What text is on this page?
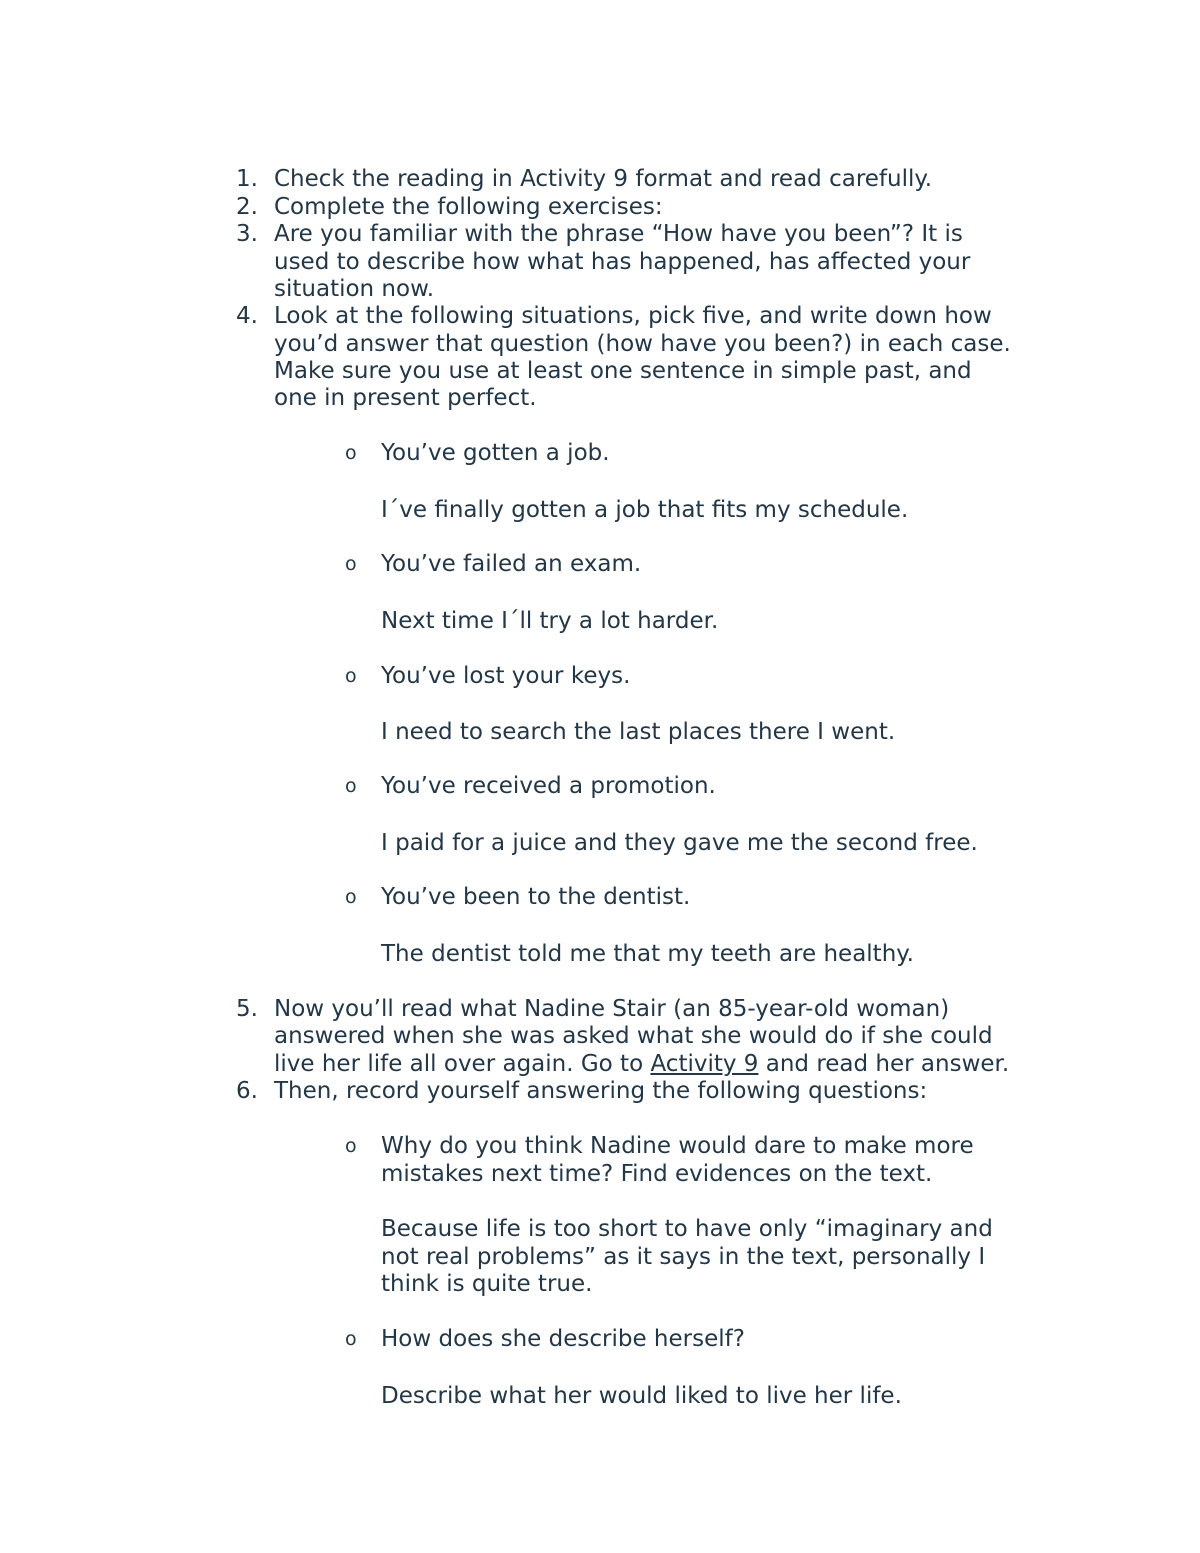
1. Check the reading in Activity 9 format and read carefully.
2. Complete the following exercises:
3. Are you familiar with the phrase “How have you been”? It is
used to describe how what has happened, has affected your
situation now.
4. Look at the following situations, pick five, and write down how
you’d answer that question (how have you been?) in each case.
Make sure you use at least one sentence in simple past, and
one in present perfect.
o You’ve gotten a job.
I´ve finally gotten a job that fits my schedule.
o You’ve failed an exam.
Next time I´ll try a lot harder.
o You’ve lost your keys.
I need to search the last places there I went.
o You’ve received a promotion.
I paid for a juice and they gave me the second free.
o You’ve been to the dentist.
The dentist told me that my teeth are healthy.
5. Now you’ll read what Nadine Stair (an 85-year-old woman)
answered when she was asked what she would do if she could
live her life all over again. Go to Activity 9 and read her answer.
6. Then, record yourself answering the following questions:
o Why do you think Nadine would dare to make more
mistakes next time? Find evidences on the text.
Because life is too short to have only “imaginary and
not real problems” as it says in the text, personally I
think is quite true.
o How does she describe herself?
Describe what her would liked to live her life.
